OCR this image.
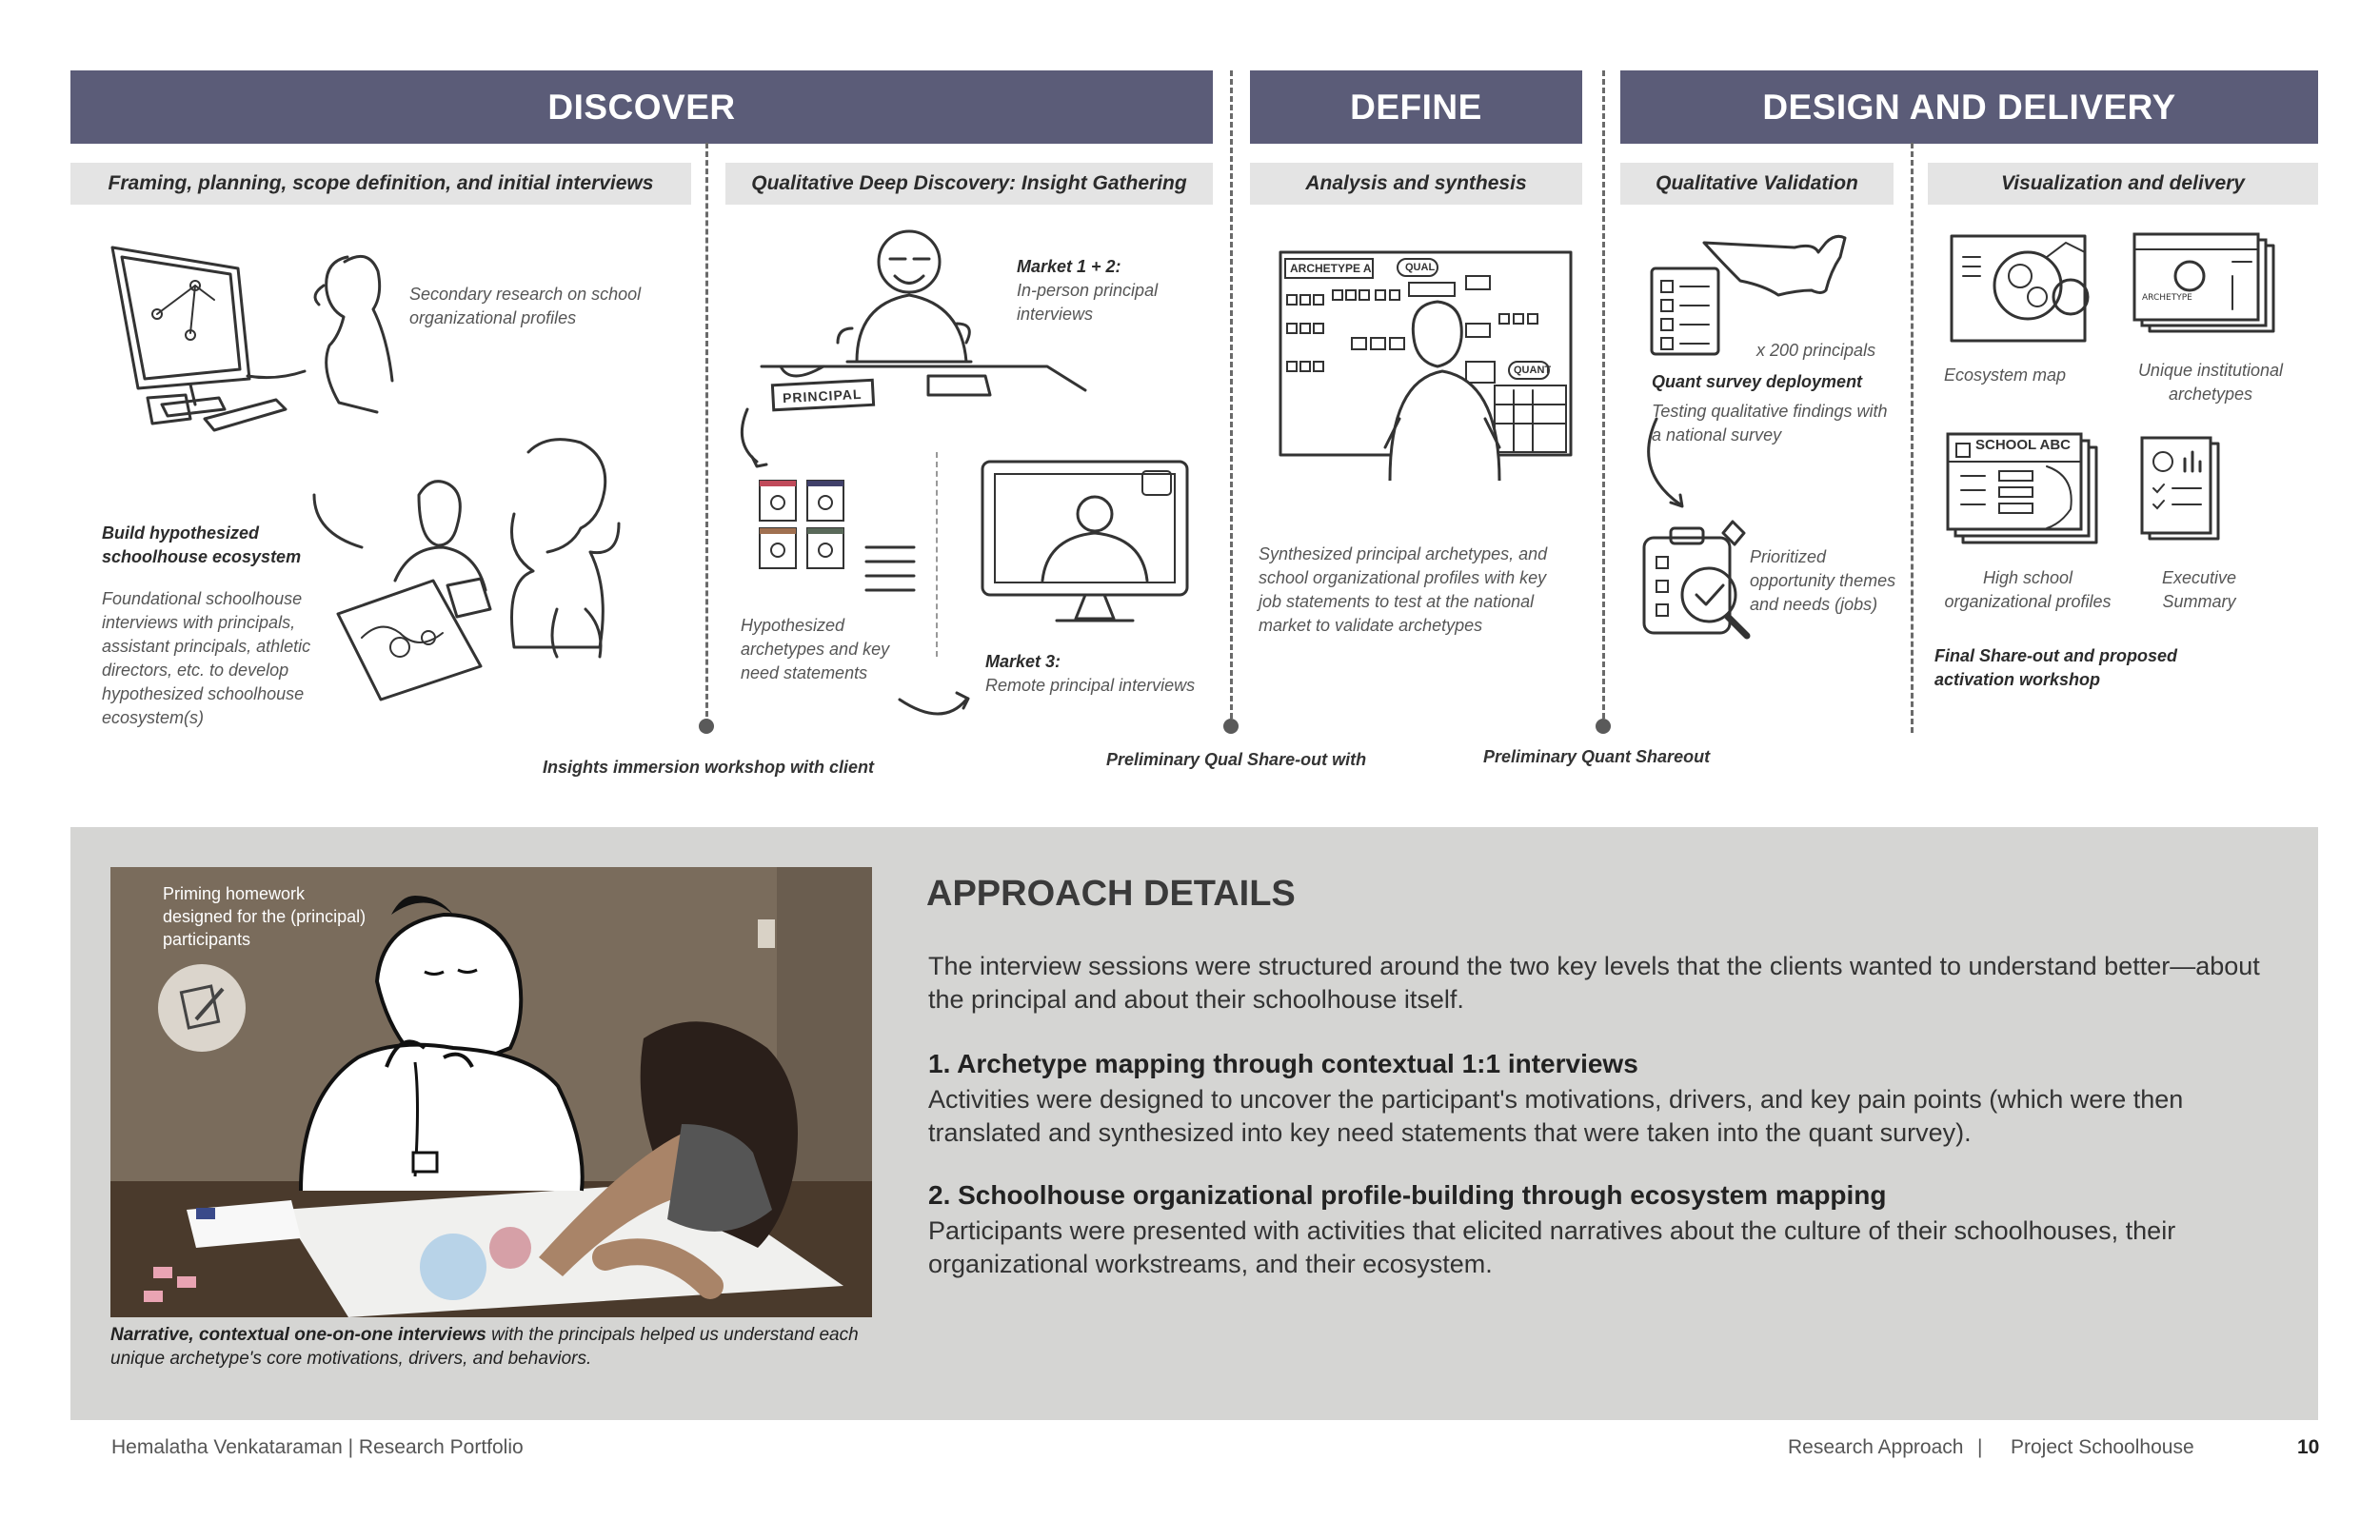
DISCOVER	DEFINE	DESIGN AND DELIVERY
Framing, planning, scope definition, and initial interviews	Qualitative Deep Discovery: Insight Gathering	Analysis and synthesis	Qualitative Validation	Visualization and delivery
ARCHETYPE
ARCHETYPE A	QUAL
QUANT
PRINCIPAL
SCHOOL ABC
Secondary research on school organizational profiles
Build hypothesized schoolhouse ecosystem
Foundational schoolhouse interviews with principals, assistant principals, athletic directors, etc. to develop hypothesized schoolhouse ecosystem(s)
Market 1 + 2:
In-person principal interviews
Hypothesized archetypes and key need statements
Market 3:
Remote principal interviews
Synthesized principal archetypes, and school organizational profiles with key job statements to test at the national market to validate archetypes
x 200 principals
Quant survey deployment
Testing qualitative findings with a national survey
Prioritized opportunity themes and needs (jobs)
Ecosystem map	Unique institutional archetypes
High school organizational profiles
Executive Summary
Final Share-out and proposed activation workshop
Insights immersion workshop with client	Preliminary Qual Share-out with	Preliminary Quant Shareout
Priming homework designed for the (principal) participants
Narrative, contextual one-on-one interviews with the principals helped us understand each unique archetype's core motivations, drivers, and behaviors.
APPROACH DETAILS
The interview sessions were structured around the two key levels that the clients wanted to understand better—about the principal and about their schoolhouse itself.
1. Archetype mapping through contextual 1:1 interviews
Activities were designed to uncover the participant's motivations, drivers, and key pain points (which were then translated and synthesized into key need statements that were taken into the quant survey).
2. Schoolhouse organizational profile-building through ecosystem mapping
Participants were presented with activities that elicited narratives about the culture of their schoolhouses, their organizational workstreams, and their ecosystem.
Hemalatha Venkataraman | Research Portfolio	Research Approach | Project Schoolhouse	10
